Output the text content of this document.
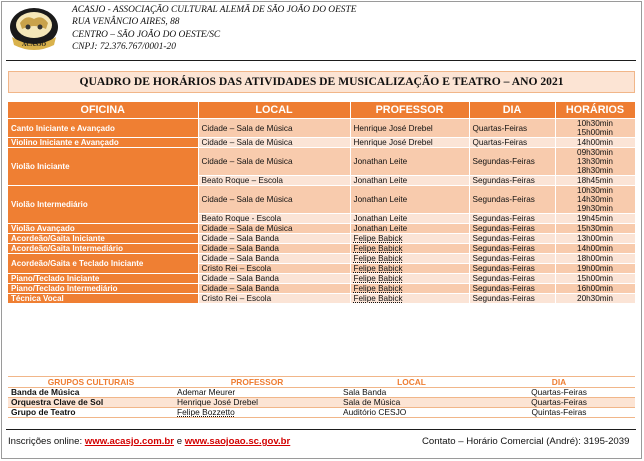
ACASJO
ACASJO - ASSOCIAÇÃO CULTURAL ALEMÃ DE SÃO JOÃO DO OESTE
RUA VENÂNCIO AIRES, 88
CENTRO – SÃO JOÃO DO OESTE/SC
CNPJ: 72.376.767/0001-20
QUADRO DE HORÁRIOS DAS ATIVIDADES DE MUSICALIZAÇÃO E TEATRO – ANO 2021
OFICINA	LOCAL	PROFESSOR	DIA	HORÁRIOS
Canto Iniciante e Avançado	Cidade – Sala de Música	Henrique José Drebel	Quartas-Feiras	10h30min
15h00min

Violino Iniciante e Avançado	Cidade – Sala de Música	Henrique José Drebel	Quartas-Feiras	14h00min

Violão Iniciante	Cidade – Sala de Música	Jonathan Leite	Segundas-Feiras	09h30min
13h30min
18h30min

	Beato Roque – Escola	Jonathan Leite	Segundas-Feiras	18h45min

Violão Intermediário	Cidade – Sala de Música	Jonathan Leite	Segundas-Feiras	10h30min
14h30min
19h30min

	Beato Roque - Escola	Jonathan Leite	Segundas-Feiras	19h45min

Violão Avançado	Cidade – Sala de Música	Jonathan Leite	Segundas-Feiras	15h30min

Acordeão/Gaita Iniciante	Cidade – Sala Banda	Felipe Babick	Segundas-Feiras	13h00min

Acordeão/Gaita Intermediário	Cidade – Sala Banda	Felipe Babick	Segundas-Feiras	14h00min

Acordeão/Gaita e Teclado Iniciante	Cidade – Sala Banda	Felipe Babick	Segundas-Feiras	18h00min

	Cristo Rei – Escola	Felipe Babick	Segundas-Feiras	19h00min

Piano/Teclado Iniciante	Cidade – Sala Banda	Felipe Babick	Segundas-Feiras	15h00min

Piano/Teclado Intermediário	Cidade – Sala Banda	Felipe Babick	Segundas-Feiras	16h00min

Técnica Vocal	Cristo Rei – Escola	Felipe Babick	Segundas-Feiras	20h30min
GRUPOS CULTURAIS	PROFESSOR	LOCAL	DIA
Banda de Música	Ademar Meurer	Sala Banda	Quartas-Feiras
Orquestra Clave de Sol	Henrique José Drebel	Sala de Música	Quartas-Feiras
Grupo de Teatro	Felipe Bozzetto	Auditório CESJO	Quintas-Feiras
Inscrições online: www.acasjo.com.br e www.saojoao.sc.gov.br	Contato – Horário Comercial (André): 3195-2039
